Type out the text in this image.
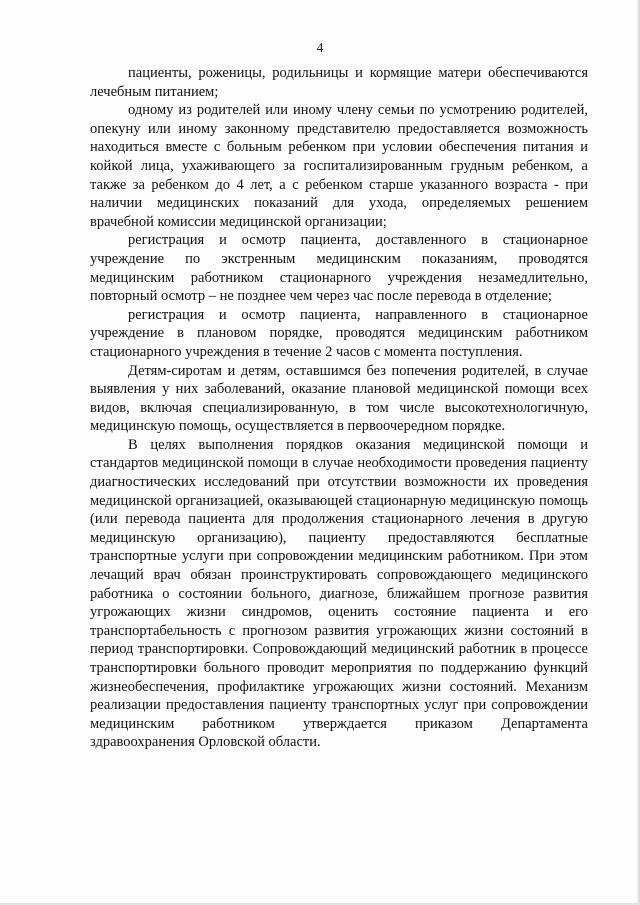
4

пациенты, роженицы, родильницы и кормящие матери обеспечиваются лечебным питанием;

одному из родителей или иному члену семьи по усмотрению родителей, опекуну или иному законному представителю предоставляется возможность находиться вместе с больным ребенком при условии обеспечения питания и койкой лица, ухаживающего за госпитализированным грудным ребенком, а также за ребенком до 4 лет, а с ребенком старше указанного возраста - при наличии медицинских показаний для ухода, определяемых решением врачебной комиссии медицинской организации;

регистрация и осмотр пациента, доставленного в стационарное учреждение по экстренным медицинским показаниям, проводятся медицинским работником стационарного учреждения незамедлительно, повторный осмотр – не позднее чем через час после перевода в отделение;

регистрация и осмотр пациента, направленного в стационарное учреждение в плановом порядке, проводятся медицинским работником стационарного учреждения в течение 2 часов с момента поступления.

Детям-сиротам и детям, оставшимся без попечения родителей, в случае выявления у них заболеваний, оказание плановой медицинской помощи всех видов, включая специализированную, в том числе высокотехнологичную, медицинскую помощь, осуществляется в первоочередном порядке.

В целях выполнения порядков оказания медицинской помощи и стандартов медицинской помощи в случае необходимости проведения пациенту диагностических исследований при отсутствии возможности их проведения медицинской организацией, оказывающей стационарную медицинскую помощь (или перевода пациента для продолжения стационарного лечения в другую медицинскую организацию), пациенту предоставляются бесплатные транспортные услуги при сопровождении медицинским работником. При этом лечащий врач обязан проинструктировать сопровождающего медицинского работника о состоянии больного, диагнозе, ближайшем прогнозе развития угрожающих жизни синдромов, оценить состояние пациента и его транспортабельность с прогнозом развития угрожающих жизни состояний в период транспортировки. Сопровождающий медицинский работник в процессе транспортировки больного проводит мероприятия по поддержанию функций жизнеобеспечения, профилактике угрожающих жизни состояний. Механизм реализации предоставления пациенту транспортных услуг при сопровождении медицинским работником утверждается приказом Департамента здравоохранения Орловской области.
